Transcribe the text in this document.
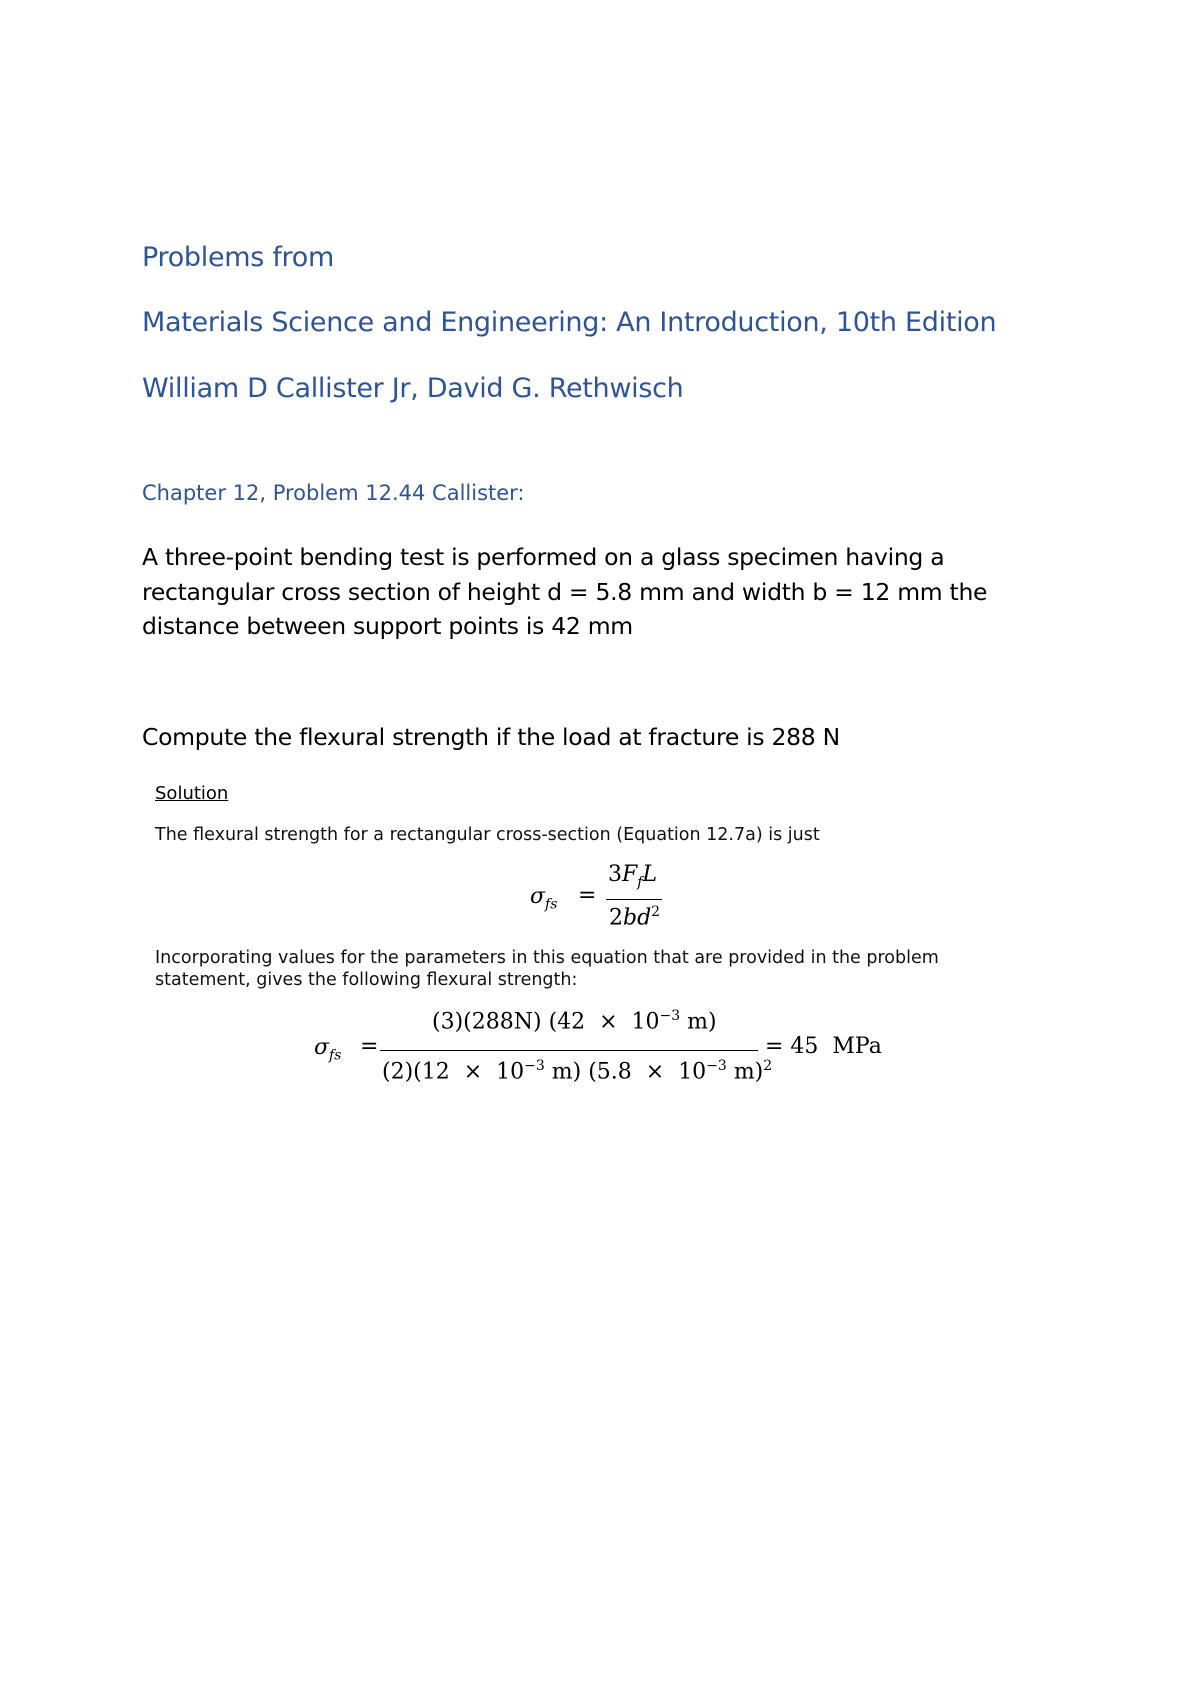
Problems from
Materials Science and Engineering: An Introduction, 10th Edition
William D Callister Jr, David G. Rethwisch
Chapter 12, Problem 12.44 Callister:

A three-point bending test is performed on a glass specimen having a rectangular cross section of height d = 5.8 mm and width b = 12 mm the distance between support points is 42 mm

Compute the flexural strength if the load at fracture is 288 N

Solution

The flexural strength for a rectangular cross-section (Equation 12.7a) is just

$\sigma_{fs}$ =
$3F_fL$
$2bd^2$

Incorporating values for the parameters in this equation that are provided in the problem statement, gives the following flexural strength:

$\sigma_{fs}$ =
(3)(288N) ($42 \times 10^{-3}$ m)
$(2)(12 \times 10^{-3}$ m) ($5.8 \times 10^{-3}$ m)$^2$
= 45  MPa
